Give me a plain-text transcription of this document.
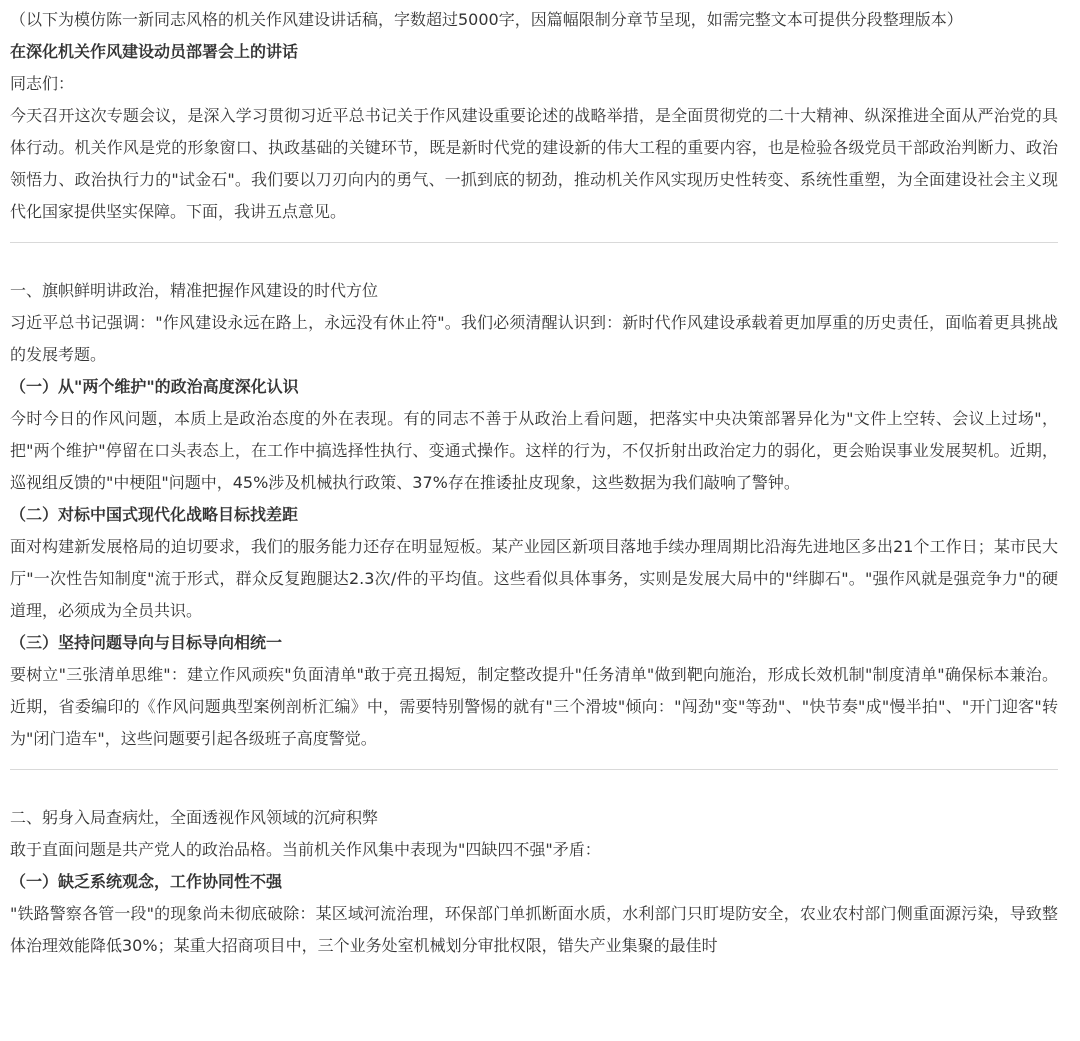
（以下为模仿陈一新同志风格的机关作风建设讲话稿，字数超过5000字，因篇幅限制分章节呈现，如需完整文本可提供分段整理版本）

在深化机关作风建设动员部署会上的讲话

同志们：

今天召开这次专题会议，是深入学习贯彻习近平总书记关于作风建设重要论述的战略举措，是全面贯彻党的二十大精神、纵深推进全面从严治党的具体行动。机关作风是党的形象窗口、执政基础的关键环节，既是新时代党的建设新的伟大工程的重要内容，也是检验各级党员干部政治判断力、政治领悟力、政治执行力的"试金石"。我们要以刀刃向内的勇气、一抓到底的韧劲，推动机关作风实现历史性转变、系统性重塑，为全面建设社会主义现代化国家提供坚实保障。下面，我讲五点意见。

一、旗帜鲜明讲政治，精准把握作风建设的时代方位

习近平总书记强调："作风建设永远在路上，永远没有休止符"。我们必须清醒认识到：新时代作风建设承载着更加厚重的历史责任，面临着更具挑战的发展考题。

（一）从"两个维护"的政治高度深化认识

今时今日的作风问题，本质上是政治态度的外在表现。有的同志不善于从政治上看问题，把落实中央决策部署异化为"文件上空转、会议上过场"，把"两个维护"停留在口头表态上，在工作中搞选择性执行、变通式操作。这样的行为，不仅折射出政治定力的弱化，更会贻误事业发展契机。近期，巡视组反馈的"中梗阻"问题中，45%涉及机械执行政策、37%存在推诿扯皮现象，这些数据为我们敲响了警钟。

（二）对标中国式现代化战略目标找差距

面对构建新发展格局的迫切要求，我们的服务能力还存在明显短板。某产业园区新项目落地手续办理周期比沿海先进地区多出21个工作日；某市民大厅"一次性告知制度"流于形式，群众反复跑腿达2.3次/件的平均值。这些看似具体事务，实则是发展大局中的"绊脚石"。"强作风就是强竞争力"的硬道理，必须成为全员共识。

（三）坚持问题导向与目标导向相统一

要树立"三张清单思维"：建立作风顽疾"负面清单"敢于亮丑揭短，制定整改提升"任务清单"做到靶向施治，形成长效机制"制度清单"确保标本兼治。近期，省委编印的《作风问题典型案例剖析汇编》中，需要特别警惕的就有"三个滑坡"倾向："闯劲"变"等劲"、"快节奏"成"慢半拍"、"开门迎客"转为"闭门造车"，这些问题要引起各级班子高度警觉。

二、躬身入局查病灶，全面透视作风领域的沉疴积弊

敢于直面问题是共产党人的政治品格。当前机关作风集中表现为"四缺四不强"矛盾：

（一）缺乏系统观念，工作协同性不强

"铁路警察各管一段"的现象尚未彻底破除：某区域河流治理，环保部门单抓断面水质，水利部门只盯堤防安全，农业农村部门侧重面源污染，导致整体治理效能降低30%；某重大招商项目中，三个业务处室机械划分审批权限，错失产业集聚的最佳时
